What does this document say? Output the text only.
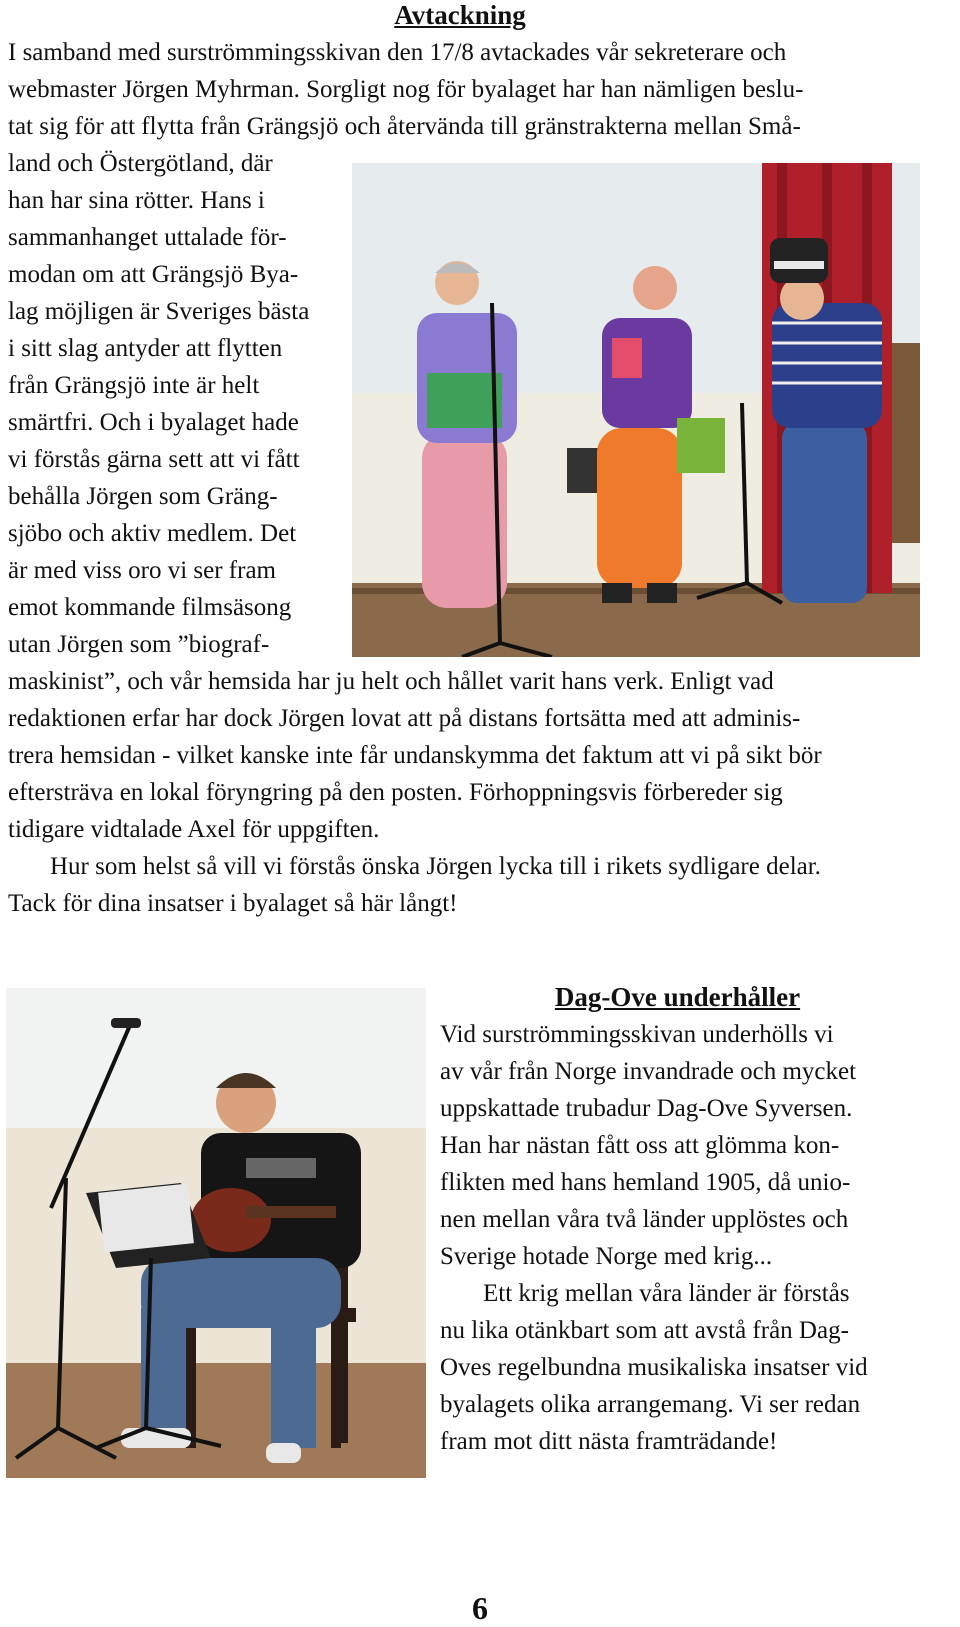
Avtackning
I samband med surströmmingsskivan den 17/8 avtackades vår sekreterare och
webmaster Jörgen Myhrman. Sorgligt nog för byalaget har han nämligen beslu-
tat sig för att flytta från Grängsjö och återvända till gränstrakterna mellan Små-
land och Östergötland, där
han har sina rötter. Hans i
sammanhanget uttalade för-
modan om att Grängsjö Bya-
lag möjligen är Sveriges bästa
i sitt slag antyder att flytten
från Grängsjö inte är helt
smärtfri. Och i byalaget hade
vi förstås gärna sett att vi fått
behålla Jörgen som Gräng-
sjöbo och aktiv medlem. Det
är med viss oro vi ser fram
emot kommande filmsäsong
utan Jörgen som ”biograf-
maskinist”, och vår hemsida har ju helt och hållet varit hans verk. Enligt vad
redaktionen erfar har dock Jörgen lovat att på distans fortsätta med att adminis-
trera hemsidan - vilket kanske inte får undanskymma det faktum att vi på sikt bör
eftersträva en lokal föryngring på den posten. Förhoppningsvis förbereder sig
tidigare vidtalade Axel för uppgiften.
Hur som helst så vill vi förstås önska Jörgen lycka till i rikets sydligare delar.
Tack för dina insatser i byalaget så här långt!
Dag-Ove underhåller
Vid surströmmingsskivan underhölls vi
av vår från Norge invandrade och mycket
uppskattade trubadur Dag-Ove Syversen.
Han har nästan fått oss att glömma kon-
flikten med hans hemland 1905, då unio-
nen mellan våra två länder upplöstes och
Sverige hotade Norge med krig...
Ett krig mellan våra länder är förstås
nu lika otänkbart som att avstå från Dag-
Oves regelbundna musikaliska insatser vid
byalagets olika arrangemang. Vi ser redan
fram mot ditt nästa framträdande!
6
